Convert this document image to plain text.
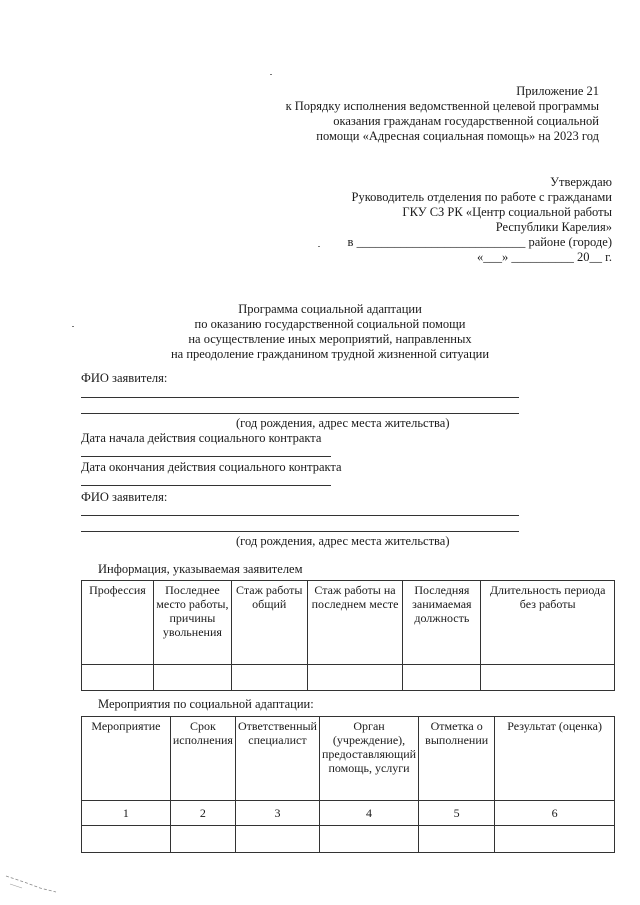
Приложение 21
к Порядку исполнения ведомственной целевой программы
оказания гражданам государственной социальной
помощи «Адресная социальная помощь» на 2023 год
Утверждаю
Руководитель отделения по работе с гражданами
ГКУ СЗ РК «Центр социальной работы
Республики Карелия»
в ___________________________ районе (городе)
«___» __________ 20__ г.
Программа социальной адаптации
по оказанию государственной социальной помощи
на осуществление иных мероприятий, направленных
на преодоление гражданином трудной жизненной ситуации
ФИО заявителя:
(год рождения, адрес места жительства)
Дата начала действия социального контракта
Дата окончания действия социального контракта
ФИО заявителя:
(год рождения, адрес места жительства)
Информация, указываемая заявителем
Профессия	Последнее место работы, причины увольнения	Стаж работы общий	Стаж работы на последнем месте	Последняя занимаемая должность	Длительность периода без работы

Мероприятия по социальной адаптации:
Мероприятие	Срок исполнения	Ответственный специалист	Орган (учреждение), предоставляющий помощь, услуги	Отметка о выполнении	Результат (оценка)
1	2	3	4	5	6
